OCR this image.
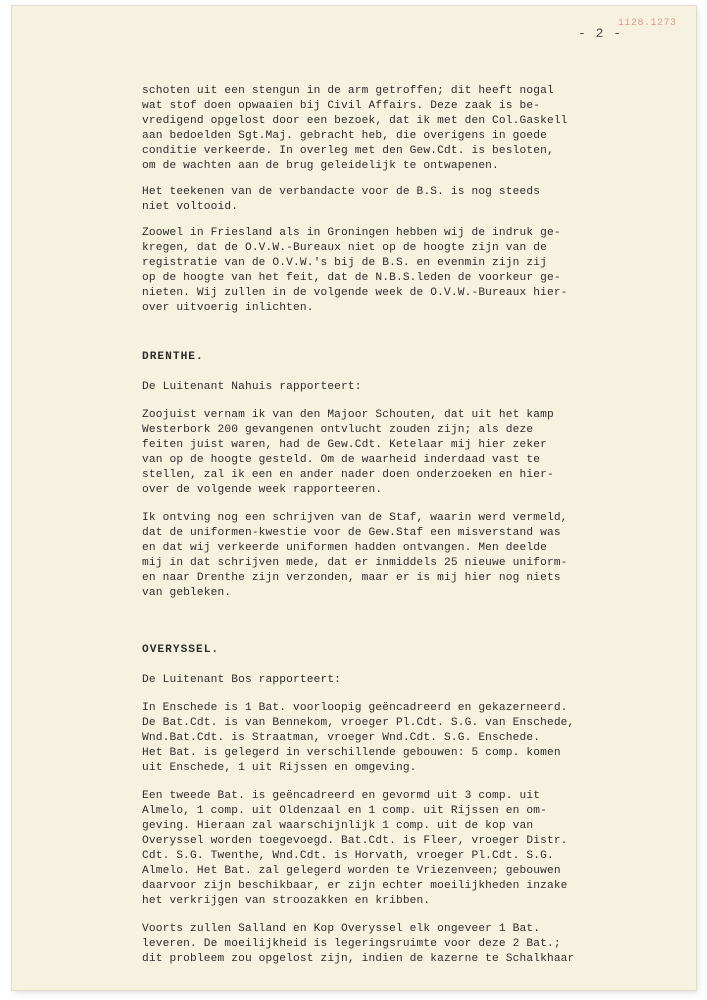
ii28.1273
- 2 -

schoten uit een stengun in de arm getroffen; dit heeft nogal
wat stof doen opwaaien bij Civil Affairs. Deze zaak is be-
vredigend opgelost door een bezoek, dat ik met den Col.Gaskell
aan bedoelden Sgt.Maj. gebracht heb, die overigens in goede
conditie verkeerde. In overleg met den Gew.Cdt. is besloten,
om de wachten aan de brug geleidelijk te ontwapenen.

Het teekenen van de verbandacte voor de B.S. is nog steeds
niet voltooid.

Zoowel in Friesland als in Groningen hebben wij de indruk ge-
kregen, dat de O.V.W.-Bureaux niet op de hoogte zijn van de
registratie van de O.V.W.'s bij de B.S. en evenmin zijn zij
op de hoogte van het feit, dat de N.B.S.leden de voorkeur ge-
nieten. Wij zullen in de volgende week de O.V.W.-Bureaux hier-
over uitvoerig inlichten.

DRENTHE.

De Luitenant Nahuis rapporteert:

Zoojuist vernam ik van den Majoor Schouten, dat uit het kamp
Westerbork 200 gevangenen ontvlucht zouden zijn; als deze
feiten juist waren, had de Gew.Cdt. Ketelaar mij hier zeker
van op de hoogte gesteld. Om de waarheid inderdaad vast te
stellen, zal ik een en ander nader doen onderzoeken en hier-
over de volgende week rapporteeren.

Ik ontving nog een schrijven van de Staf, waarin werd vermeld,
dat de uniformen-kwestie voor de Gew.Staf een misverstand was
en dat wij verkeerde uniformen hadden ontvangen. Men deelde
mij in dat schrijven mede, dat er inmiddels 25 nieuwe uniform-
en naar Drenthe zijn verzonden, maar er is mij hier nog niets
van gebleken.

OVERYSSEL.

De Luitenant Bos rapporteert:

In Enschede is 1 Bat. voorloopig geëncadreerd en gekazerneerd.
De Bat.Cdt. is van Bennekom, vroeger Pl.Cdt. S.G. van Enschede,
Wnd.Bat.Cdt. is Straatman, vroeger Wnd.Cdt. S.G. Enschede.
Het Bat. is gelegerd in verschillende gebouwen: 5 comp. komen
uit Enschede, 1 uit Rijssen en omgeving.

Een tweede Bat. is geëncadreerd en gevormd uit 3 comp. uit
Almelo, 1 comp. uit Oldenzaal en 1 comp. uit Rijssen en om-
geving. Hieraan zal waarschijnlijk 1 comp. uit de kop van
Overyssel worden toegevoegd. Bat.Cdt. is Fleer, vroeger Distr.
Cdt. S.G. Twenthe, Wnd.Cdt. is Horvath, vroeger Pl.Cdt. S.G.
Almelo. Het Bat. zal gelegerd worden te Vriezenveen; gebouwen
daarvoor zijn beschikbaar, er zijn echter moeilijkheden inzake
het verkrijgen van stroozakken en kribben.

Voorts zullen Salland en Kop Overyssel elk ongeveer 1 Bat.
leveren. De moeilijkheid is legeringsruimte voor deze 2 Bat.;
dit probleem zou opgelost zijn, indien de kazerne te Schalkhaar
